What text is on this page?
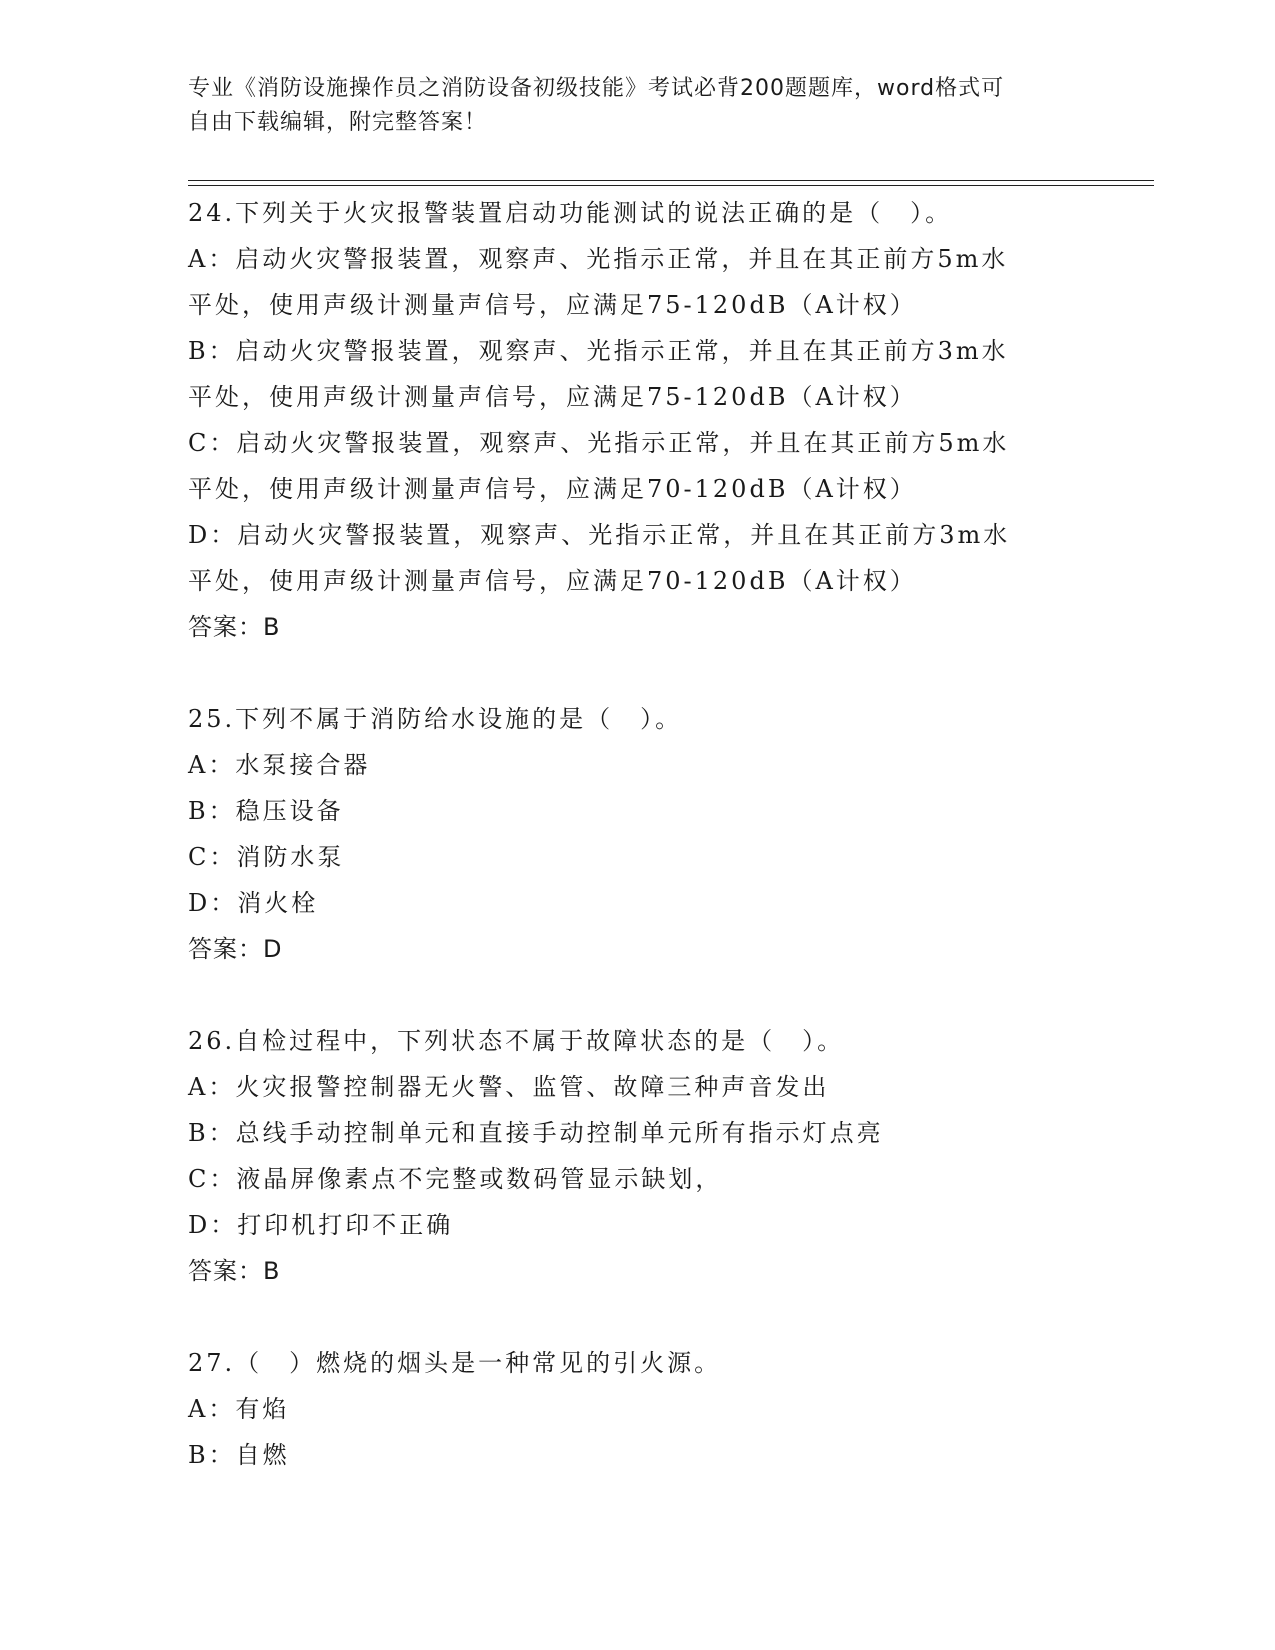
专业《消防设施操作员之消防设备初级技能》考试必背200题题库，word格式可
自由下载编辑，附完整答案！
24.下列关于火灾报警装置启动功能测试的说法正确的是（　）。
A：启动火灾警报装置，观察声、光指示正常，并且在其正前方5m水
平处，使用声级计测量声信号，应满足75-120dB（A计权）
B：启动火灾警报装置，观察声、光指示正常，并且在其正前方3m水
平处，使用声级计测量声信号，应满足75-120dB（A计权）
C：启动火灾警报装置，观察声、光指示正常，并且在其正前方5m水
平处，使用声级计测量声信号，应满足70-120dB（A计权）
D：启动火灾警报装置，观察声、光指示正常，并且在其正前方3m水
平处，使用声级计测量声信号，应满足70-120dB（A计权）
答案：B
25.下列不属于消防给水设施的是（　）。
A：水泵接合器
B：稳压设备
C：消防水泵
D：消火栓
答案：D
26.自检过程中，下列状态不属于故障状态的是（　）。
A：火灾报警控制器无火警、监管、故障三种声音发出
B：总线手动控制单元和直接手动控制单元所有指示灯点亮
C：液晶屏像素点不完整或数码管显示缺划，
D：打印机打印不正确
答案：B
27.（　）燃烧的烟头是一种常见的引火源。
A：有焰
B：自燃
